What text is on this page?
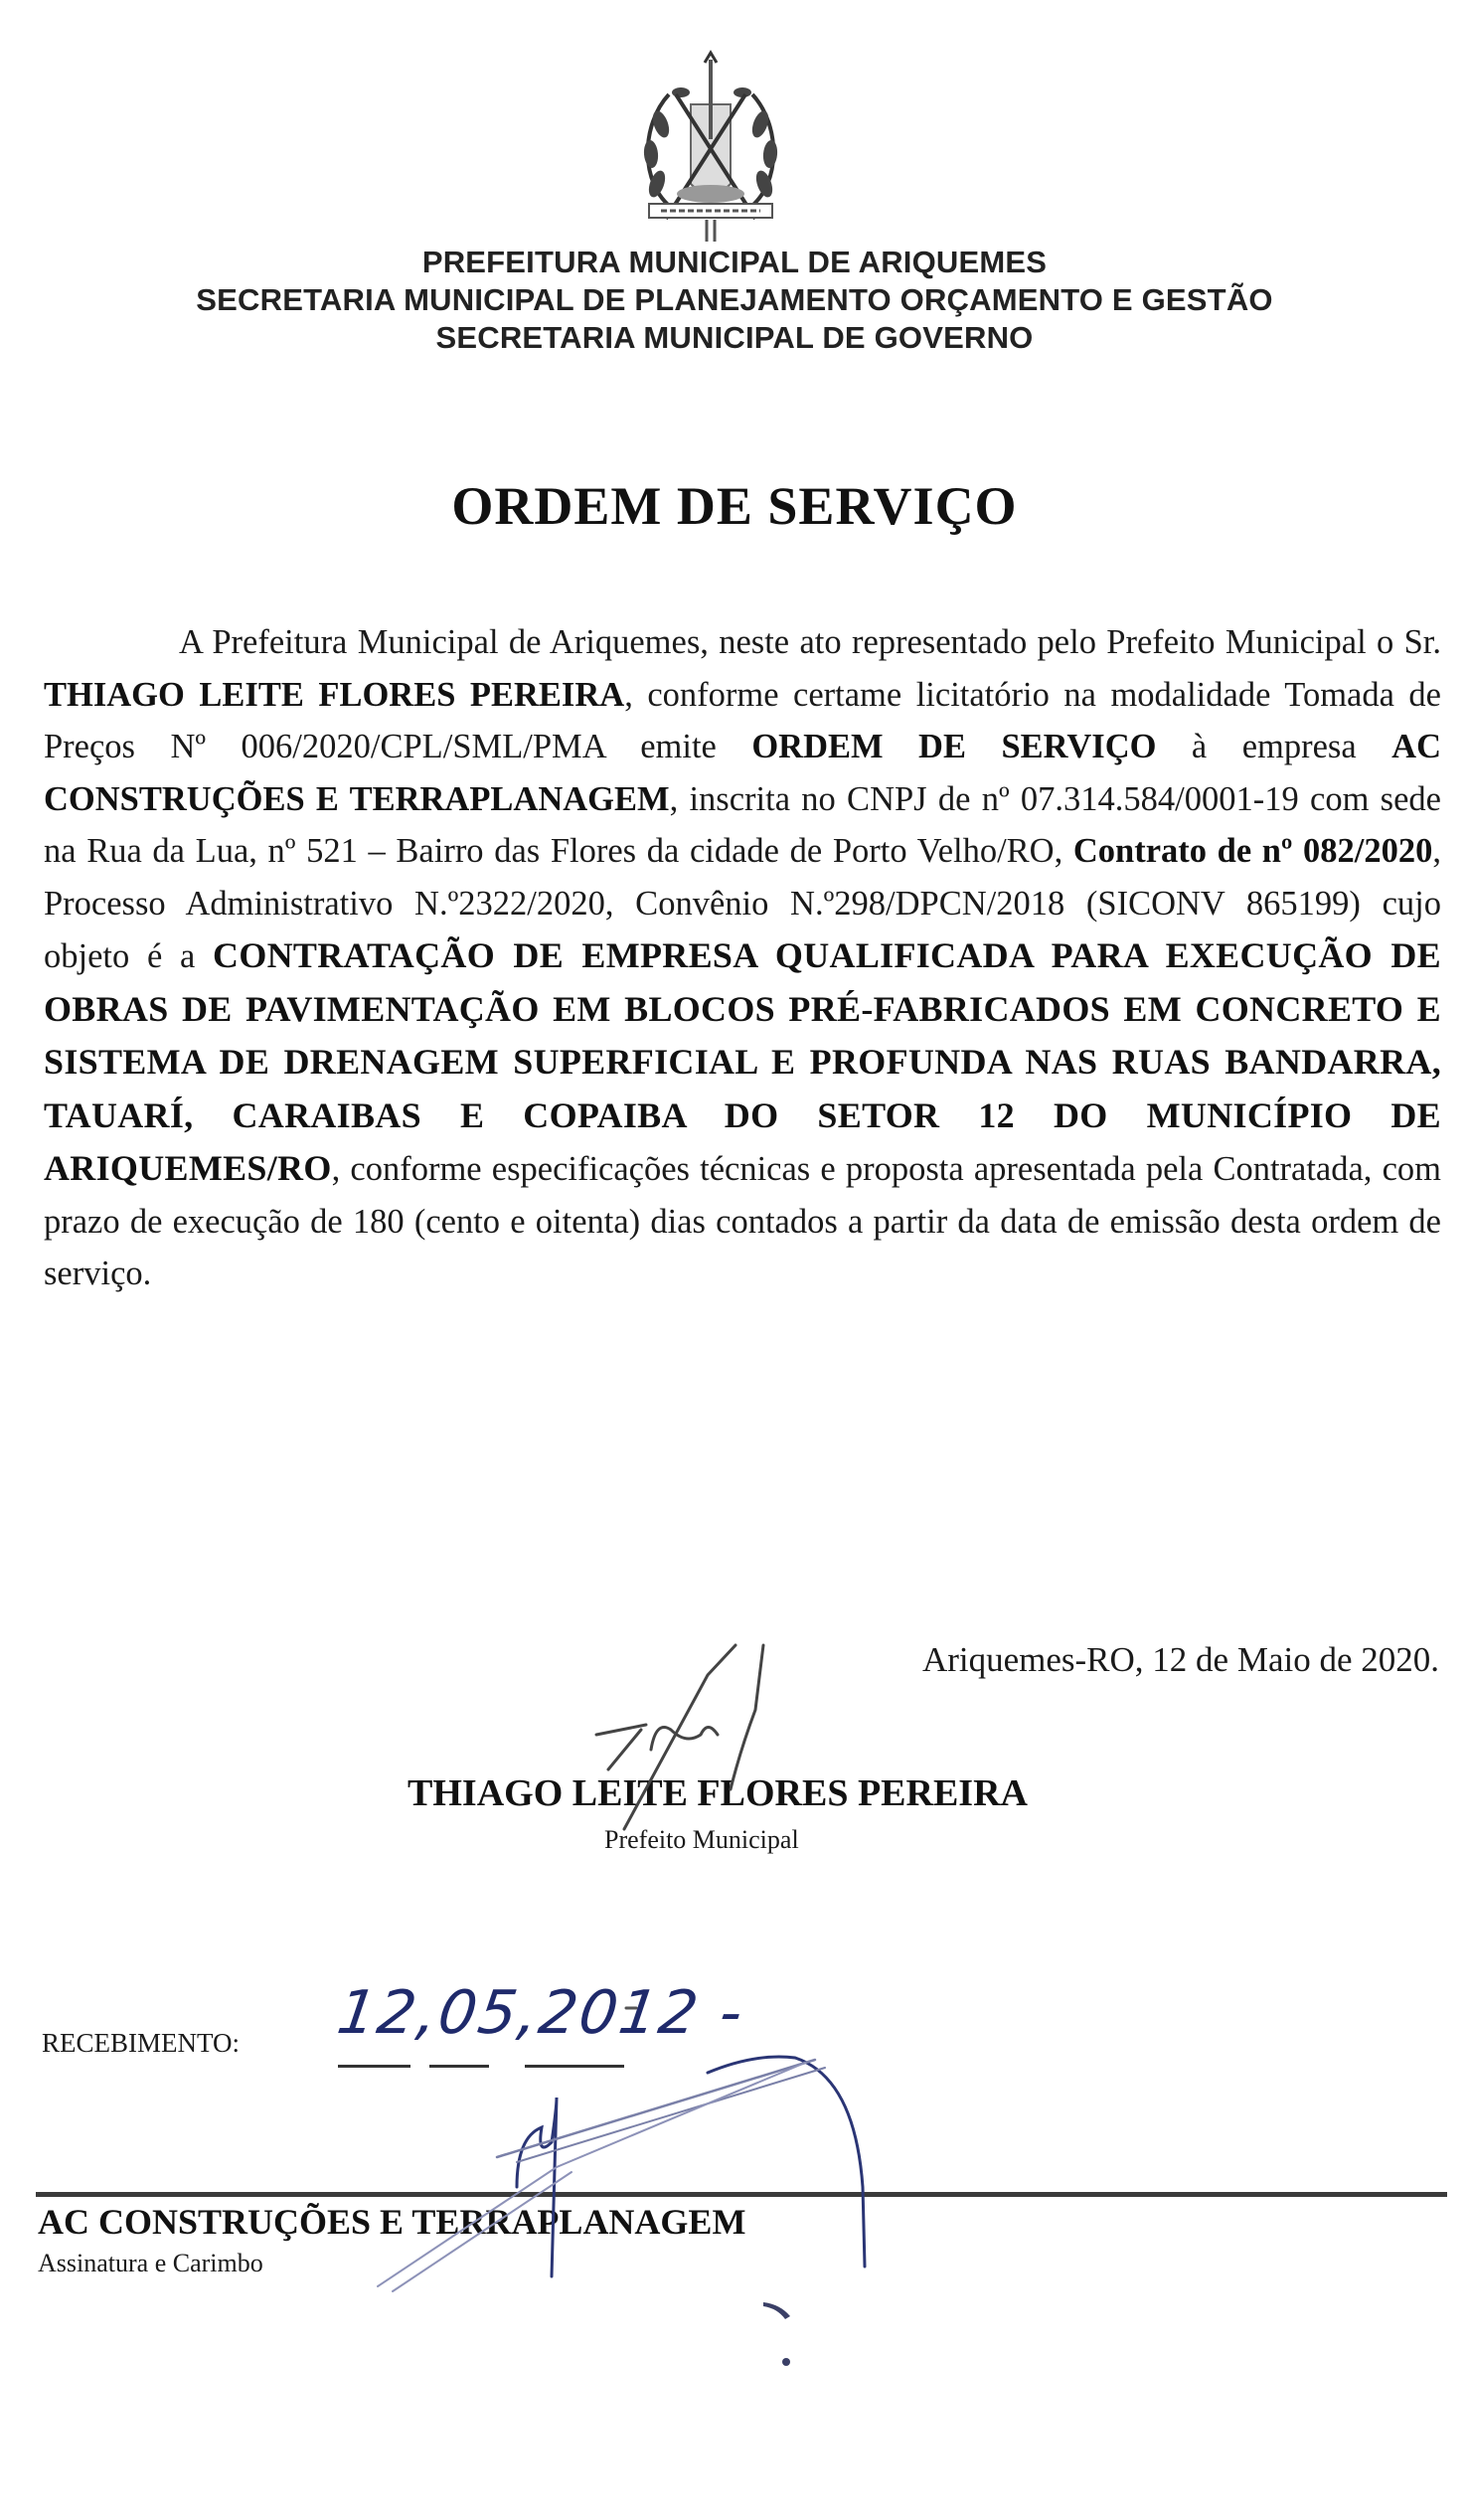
PREFEITURA MUNICIPAL DE ARIQUEMES
SECRETARIA MUNICIPAL DE PLANEJAMENTO ORÇAMENTO E GESTÃO
SECRETARIA MUNICIPAL DE GOVERNO
ORDEM DE SERVIÇO

A Prefeitura Municipal de Ariquemes, neste ato representado pelo Prefeito Municipal o Sr. THIAGO LEITE FLORES PEREIRA, conforme certame licitatório na modalidade Tomada de Preços Nº 006/2020/CPL/SML/PMA emite ORDEM DE SERVIÇO à empresa AC CONSTRUÇÕES E TERRAPLANAGEM, inscrita no CNPJ de nº 07.314.584/0001-19 com sede na Rua da Lua, nº 521 – Bairro das Flores da cidade de Porto Velho/RO, Contrato de nº 082/2020, Processo Administrativo N.º2322/2020, Convênio N.º298/DPCN/2018 (SICONV 865199) cujo objeto é a CONTRATAÇÃO DE EMPRESA QUALIFICADA PARA EXECUÇÃO DE OBRAS DE PAVIMENTAÇÃO EM BLOCOS PRÉ-FABRICADOS EM CONCRETO E SISTEMA DE DRENAGEM SUPERFICIAL E PROFUNDA NAS RUAS BANDARRA, TAUARÍ, CARAIBAS E COPAIBA DO SETOR 12 DO MUNICÍPIO DE ARIQUEMES/RO, conforme especificações técnicas e proposta apresentada pela Contratada, com prazo de execução de 180 (cento e oitenta) dias contados a partir da data de emissão desta ordem de serviço.

Ariquemes-RO, 12 de Maio de 2020.
THIAGO LEITE FLORES PEREIRA
Prefeito Municipal
RECEBIMENTO: 12,05,2012 -
AC CONSTRUÇÕES E TERRAPLANAGEM
Assinatura e Carimbo
